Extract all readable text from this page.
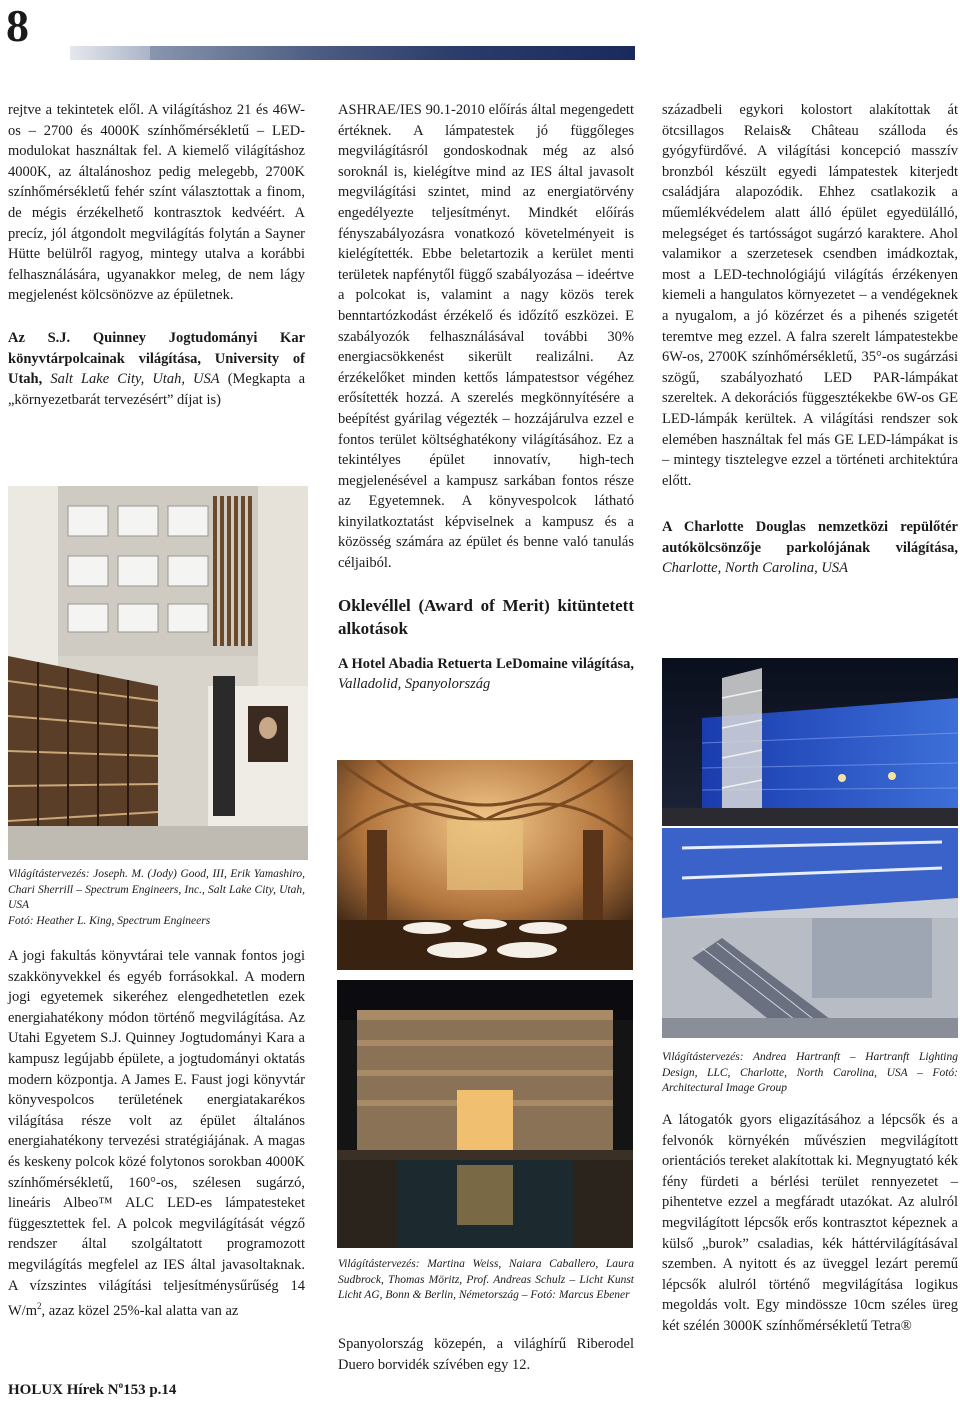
8

rejtve a tekintetek elől. A világításhoz 21 és 46W-os – 2700 és 4000K színhőmérsékletű – LED-modulokat használtak fel. A kiemelő világításhoz 4000K, az általánoshoz pedig melegebb, 2700K színhőmérsékletű fehér színt választottak a finom, de mégis érzékelhető kontrasztok kedvéért. A precíz, jól átgondolt megvilágítás folytán a Sayner Hütte belülről ragyog, mintegy utalva a korábbi felhasználására, ugyanakkor meleg, de nem lágy megjelenést kölcsönözve az épületnek.

Az S.J. Quinney Jogtudományi Kar könyvtárpolcainak világítása, University of Utah, Salt Lake City, Utah, USA (Megkapta a „környezetbarát tervezésért” díjat is)

Világítástervezés: Joseph. M. (Jody) Good, III, Erik Yamashiro, Chari Sherrill – Spectrum Engineers, Inc., Salt Lake City, Utah, USA
Fotó: Heather L. King, Spectrum Engineers

A jogi fakultás könyvtárai tele vannak fontos jogi szakkönyvekkel és egyéb forrásokkal. A modern jogi egyetemek sikeréhez elengedhetetlen ezek energiahatékony módon történő megvilágítása. Az Utahi Egyetem S.J. Quinney Jogtudományi Kara a kampusz legújabb épülete, a jogtudományi oktatás modern központja. A James E. Faust jogi könyvtár könyvespolcos területének energiatakarékos világítása része volt az épület általános energiahatékony tervezési stratégiájának. A magas és keskeny polcok közé folytonos sorokban 4000K színhőmérsékletű, 160°-os, szélesen sugárzó, lineáris Albeo™ ALC LED-es lámpatesteket függesztettek fel. A polcok megvilágítását végző rendszer által szolgáltatott programozott megvilágítás megfelel az IES által javasoltaknak. A vízszintes világítási teljesítménysűrűség 14 $W/m^2$, azaz közel 25%-kal alatta van az

ASHRAE/IES 90.1-2010 előírás által megengedett értéknek. A lámpatestek jó függőleges megvilágításról gondoskodnak még az alsó soroknál is, kielégítve mind az IES által javasolt megvilágítási szintet, mind az energiatörvény engedélyezte teljesítményt. Mindkét előírás fényszabályozásra vonatkozó követelményeit is kielégítették. Ebbe beletartozik a kerület menti területek napfénytől függő szabályozása – ideértve a polcokat is, valamint a nagy közös terek benntartózkodást érzékelő és időzítő eszközei. E szabályozók felhasználásával további 30% energiacsökkenést sikerült realizálni. Az érzékelőket minden kettős lámpatestsor végéhez erősítették hozzá. A szerelés megkönnyítésére a beépítést gyárilag végezték – hozzájárulva ezzel e fontos terület költséghatékony világításához. Ez a tekintélyes épület innovatív, high-tech megjelenésével a kampusz sarkában fontos része az Egyetemnek. A könyvespolcok látható kinyilatkoztatást képviselnek a kampusz és a közösség számára az épület és benne való tanulás céljaiból.

Oklevéllel (Award of Merit) kitüntetett alkotások

A Hotel Abadia Retuerta LeDomaine világítása, Valladolid, Spanyolország

Világítástervezés: Martina Weiss, Naiara Caballero, Laura Sudbrock, Thomas Möritz, Prof. Andreas Schulz – Licht Kunst Licht AG, Bonn & Berlin, Németország – Fotó: Marcus Ebener

Spanyolország közepén, a világhírű Riberodel Duero borvidék szívében egy 12.

századbeli egykori kolostort alakítottak át ötcsillagos Relais& Château szálloda és gyógyfürdővé. A világítási koncepció masszív bronzból készült egyedi lámpatestek kiterjedt családjára alapozódik. Ehhez csatlakozik a műemlékvédelem alatt álló épület egyedülálló, melegséget és tartósságot sugárzó karaktere. Ahol valamikor a szerzetesek csendben imádkoztak, most a LED-technológiájú világítás érzékenyen kiemeli a hangulatos környezetet – a vendégeknek a nyugalom, a jó közérzet és a pihenés szigetét teremtve meg ezzel. A falra szerelt lámpatestekbe 6W-os, 2700K színhőmérsékletű, 35°-os sugárzási szögű, szabályozható LED PAR-lámpákat szereltek. A dekorációs függesztékekbe 6W-os GE LED-lámpák kerültek. A világítási rendszer sok elemében használtak fel más GE LED-lámpákat is – mintegy tisztelegve ezzel a történeti architektúra előtt.

A Charlotte Douglas nemzetközi repülőtér autókölcsönzője parkolójának világítása, Charlotte, North Carolina, USA

Világítástervezés: Andrea Hartranft – Hartranft Lighting Design, LLC, Charlotte, North Carolina, USA – Fotó: Architectural Image Group

A látogatók gyors eligazításához a lépcsők és a felvonók környékén művészien megvilágított orientációs tereket alakítottak ki. Megnyugtató kék fény fürdeti a bérlési terület rennyezetet – pihentetve ezzel a megfáradt utazókat. Az alulról megvilágított lépcsők erős kontrasztot képeznek a külső „burok” csaladias, kék háttérvilágításával szemben. A nyitott és az üveggel lezárt peremű lépcsők alulról történő megvilágítása logikus megoldás volt. Egy mindössze 10cm széles üreg két szélén 3000K színhőmérsékletű Tetra®

HOLUX Hírek $N^o153$ p.14
